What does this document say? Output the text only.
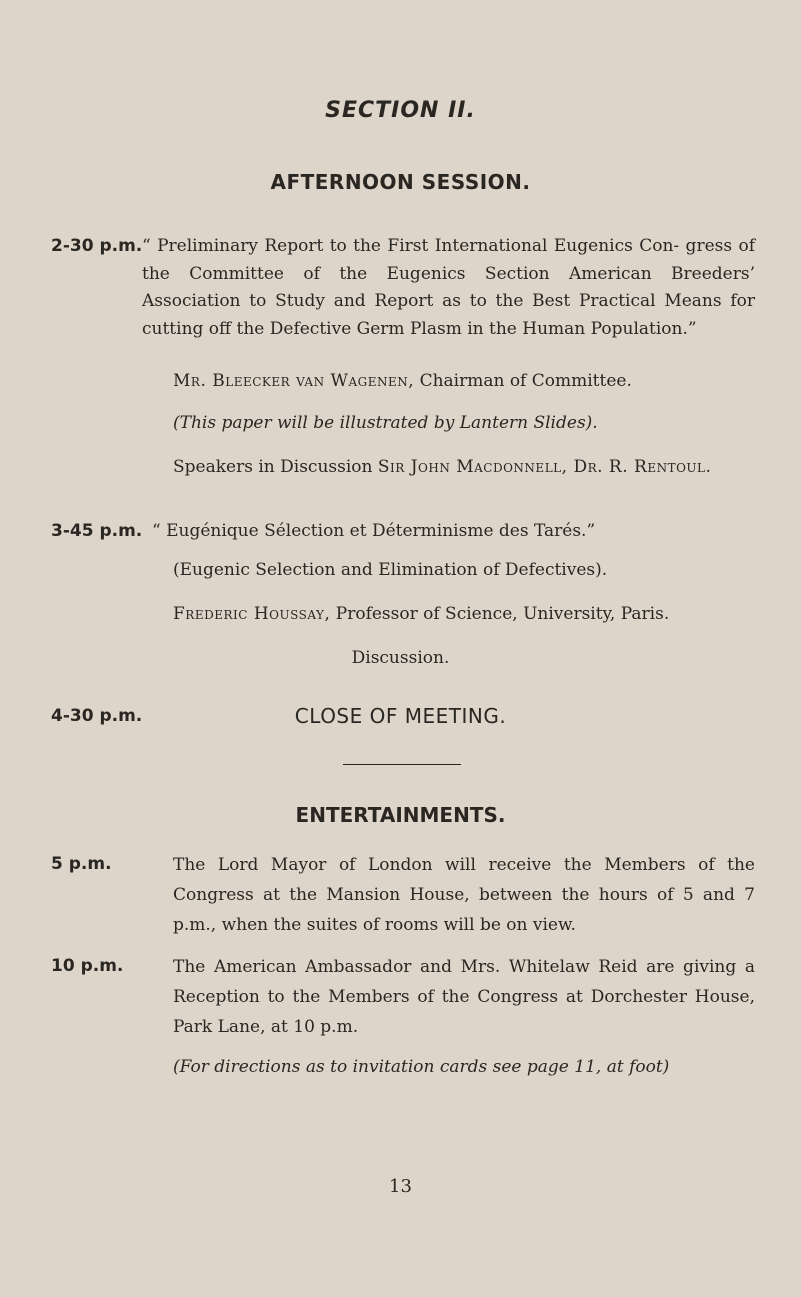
SECTION II.
AFTERNOON SESSION.
2-30 p.m. “ Preliminary Report to the First International Eugenics Con- gress of the Committee of the Eugenics Section American Breeders’ Association to Study and Report as to the Best Practical Means for cutting off the Defective Germ Plasm in the Human Population.”
Mr. Bleecker van Wagenen, Chairman of Committee.
(This paper will be illustrated by Lantern Slides).
Speakers in Discussion Sir John Macdonnell, Dr. R. Rentoul.
3-45 p.m. “ Eugénique Sélection et Déterminisme des Tarés.”
(Eugenic Selection and Elimination of Defectives).
Frederic Houssay, Professor of Science, University, Paris.
Discussion.
4-30 p.m.	CLOSE OF MEETING.
ENTERTAINMENTS.
5 p.m.	The Lord Mayor of London will receive the Members of the Congress at the Mansion House, between the hours of 5 and 7 p.m., when the suites of rooms will be on view.
10 p.m.	The American Ambassador and Mrs. Whitelaw Reid are giving a Reception to the Members of the Congress at Dorchester House, Park Lane, at 10 p.m.
(For directions as to invitation cards see page 11, at foot)
13
